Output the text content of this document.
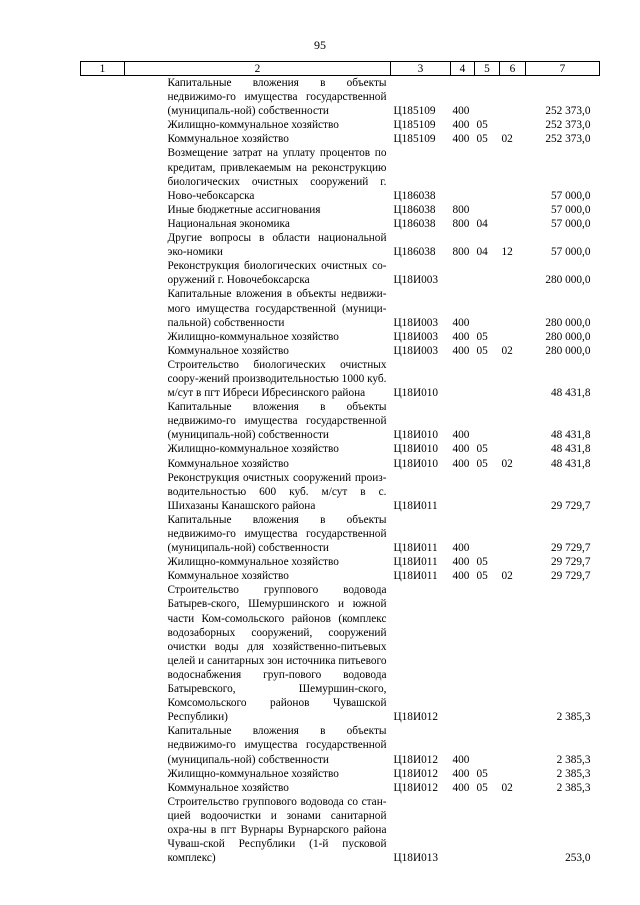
95
1	2	3	4	5	6	7
	Капитальные вложения в объекты недвижимо-го имущества государственной (муниципаль-ной) собственности	Ц185109	400			252 373,0
	Жилищно-коммунальное хозяйство	Ц185109	400	05		252 373,0
	Коммунальное хозяйство	Ц185109	400	05	02	252 373,0
	Возмещение затрат на уплату процентов по кредитам, привлекаемым на реконструкцию биологических очистных сооружений г. Ново-чебоксарска	Ц186038				57 000,0
	Иные бюджетные ассигнования	Ц186038	800			57 000,0
	Национальная экономика	Ц186038	800	04		57 000,0
	Другие вопросы в области национальной эко-номики	Ц186038	800	04	12	57 000,0
	Реконструкция биологических очистных со-оружений г. Новочебоксарска	Ц18И003				280 000,0
	Капитальные вложения в объекты недвижи-мого имущества государственной (муници-пальной) собственности	Ц18И003	400			280 000,0
	Жилищно-коммунальное хозяйство	Ц18И003	400	05		280 000,0
	Коммунальное хозяйство	Ц18И003	400	05	02	280 000,0
	Строительство биологических очистных соору-жений производительностью 1000 куб. м/сут в пгт Ибреси Ибресинского района	Ц18И010				48 431,8
	Капитальные вложения в объекты недвижимо-го имущества государственной (муниципаль-ной) собственности	Ц18И010	400			48 431,8
	Жилищно-коммунальное хозяйство	Ц18И010	400	05		48 431,8
	Коммунальное хозяйство	Ц18И010	400	05	02	48 431,8
	Реконструкция очистных сооружений произ-водительностью 600 куб. м/сут в с. Шихазаны Канашского района	Ц18И011				29 729,7
	Капитальные вложения в объекты недвижимо-го имущества государственной (муниципаль-ной) собственности	Ц18И011	400			29 729,7
	Жилищно-коммунальное хозяйство	Ц18И011	400	05		29 729,7
	Коммунальное хозяйство	Ц18И011	400	05	02	29 729,7
	Строительство группового водовода Батырев-ского, Шемуршинского и южной части Ком-сомольского районов (комплекс водозаборных сооружений, сооружений очистки воды для хозяйственно-питьевых целей и санитарных зон источника питьевого водоснабжения груп-пового водовода Батыревского, Шемуршин-ского, Комсомольского районов Чувашской Республики)	Ц18И012				2 385,3
	Капитальные вложения в объекты недвижимо-го имущества государственной (муниципаль-ной) собственности	Ц18И012	400			2 385,3
	Жилищно-коммунальное хозяйство	Ц18И012	400	05		2 385,3
	Коммунальное хозяйство	Ц18И012	400	05	02	2 385,3
	Строительство группового водовода со стан-цией водоочистки и зонами санитарной охра-ны в пгт Вурнары Вурнарского района Чуваш-ской Республики (1-й пусковой комплекс)	Ц18И013				253,0
